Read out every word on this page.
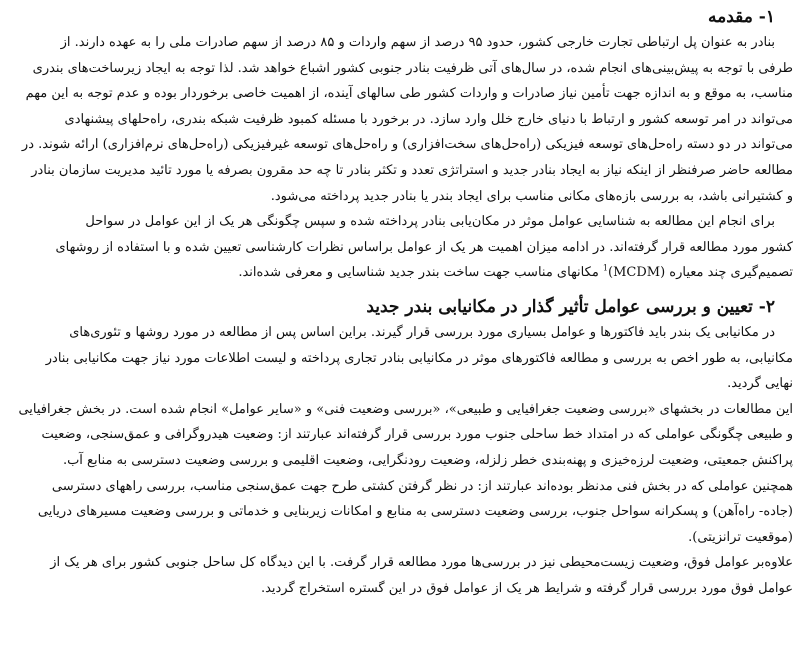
۱- مقدمه
بنادر به عنوان پل ارتباطی تجارت خارجی کشور، حدود ۹۵ درصد از سهم واردات و ۸۵ درصد از سهم صادرات ملی را به عهده دارند. از
طرفی با توجه به پیش‌بینی‌های انجام شده، در سال‌های آتی ظرفیت بنادر جنوبی کشور اشباع خواهد شد. لذا توجه به ایجاد زیرساخت‌های بندری
مناسب، به موقع و به اندازه جهت تأمین نیاز صادرات و واردات کشور طی سالهای آینده، از اهمیت خاصی برخوردار بوده و عدم توجه به این مهم
می‌تواند در امر توسعه کشور و ارتباط با دنیای خارج خلل وارد سازد. در برخورد با مسئله کمبود ظرفیت شبکه بندری، راه‌حلهای پیشنهادی
می‌تواند در دو دسته راه‌حل‌های توسعه فیزیکی (راه‌حل‌های سخت‌افزاری) و راه‌حل‌های توسعه غیرفیزیکی (راه‌حل‌های نرم‌افزاری) ارائه شوند. در
مطالعه حاضر صرفنظر از اینکه نیاز به ایجاد بنادر جدید و استراتژی تعدد و تکثر بنادر تا چه حد مقرون بصرفه یا مورد تائید مدیریت سازمان بنادر
و کشتیرانی باشد، به بررسی بازه‌های مکانی مناسب برای ایجاد بندر یا بنادر جدید پرداخته می‌شود.
برای انجام این مطالعه به شناسایی عوامل موثر در مکان‌یابی بنادر پرداخته شده و سپس چگونگی هر یک از این عوامل در سواحل
کشور مورد مطالعه قرار گرفته‌اند. در ادامه میزان اهمیت هر یک از عوامل براساس نظرات کارشناسی تعیین شده و با استفاده از روشهای
تصمیم‌گیری چند معیاره (MCDM)$^1$ مکانهای مناسب جهت ساخت بندر جدید شناسایی و معرفی شده‌اند.
۲- تعیین و بررسی عوامل تأثیر گذار در مکانیابی بندر جدید
در مکانیابی یک بندر باید فاکتورها و عوامل بسیاری مورد بررسی قرار گیرند. براین اساس پس از مطالعه در مورد روشها و تئوری‌های
مکانیابی، به طور اخص به بررسی و مطالعه فاکتورهای موثر در مکانیابی بنادر تجاری پرداخته و لیست اطلاعات مورد نیاز جهت مکانیابی بنادر
نهایی گردید.
این مطالعات در بخشهای «بررسی وضعیت جغرافیایی و طبیعی»، «بررسی وضعیت فنی» و «سایر عوامل» انجام شده است. در بخش جغرافیایی
و طبیعی چگونگی عواملی که در امتداد خط ساحلی جنوب مورد بررسی قرار گرفته‌اند عبارتند از: وضعیت هیدروگرافی و عمق‌سنجی، وضعیت
پراکنش جمعیتی، وضعیت لرزه‌خیزی و پهنه‌بندی خطر زلزله، وضعیت رودنگرایی، وضعیت اقلیمی و بررسی وضعیت دسترسی به منابع آب.
همچنین عواملی که در بخش فنی مدنظر بوده‌اند عبارتند از: در نظر گرفتن کشتی طرح جهت عمق‌سنجی مناسب، بررسی راههای دسترسی
(جاده- راه‌آهن) و پسکرانه سواحل جنوب، بررسی وضعیت دسترسی به منابع و امکانات زیربنایی و خدماتی و بررسی وضعیت مسیرهای دریایی
(موقعیت ترانزیتی).
علاوه‌بر عوامل فوق، وضعیت زیست‌محیطی نیز در بررسی‌ها مورد مطالعه قرار گرفت. با این دیدگاه کل ساحل جنوبی کشور برای هر یک از
عوامل فوق مورد بررسی قرار گرفته و شرایط هر یک از عوامل فوق در این گستره استخراج گردید.
